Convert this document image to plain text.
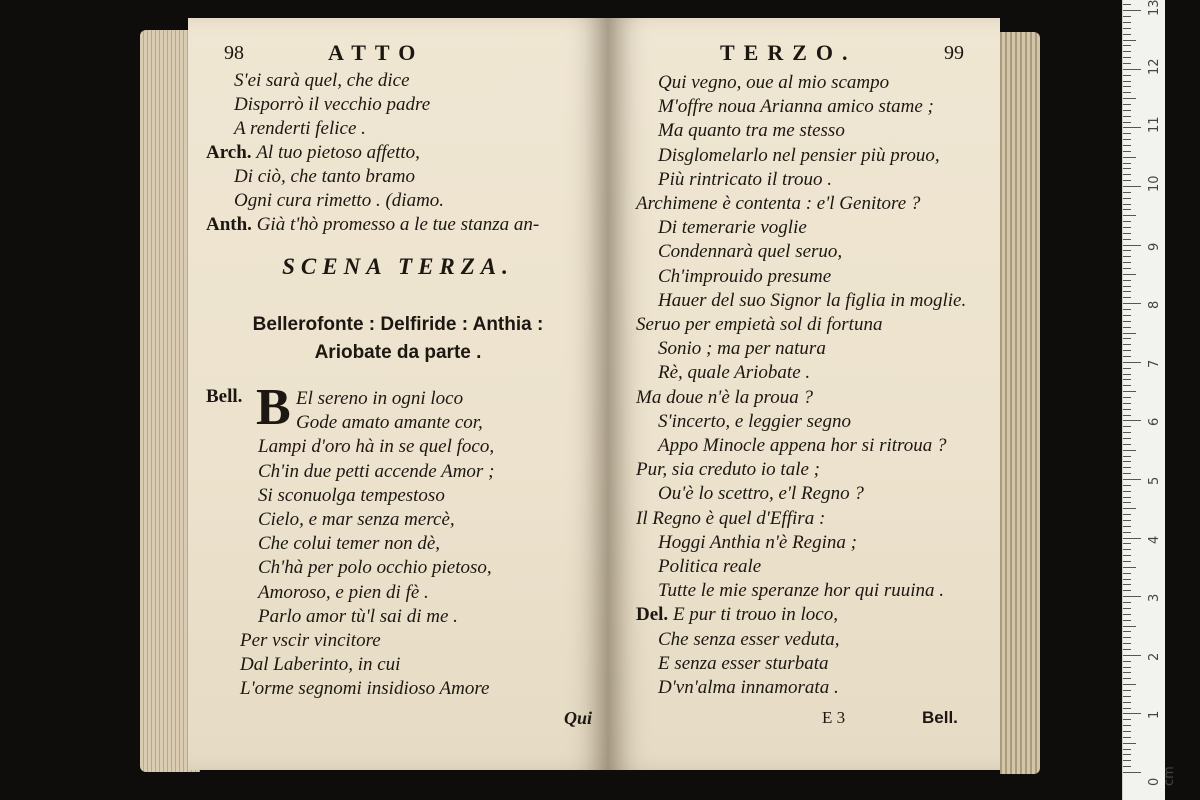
98	ATTO
S'ei sarà quel, che dice
Disporrò il vecchio padre
A renderti felice .
Arch. Al tuo pietoso affetto,
Di ciò, che tanto bramo
Ogni cura rimetto . (diamo.
Anth. Già t'hò promesso a le tue stanza an-
SCENA TERZA.
Bellerofonte : Delfiride : Anthia :
Ariobate da parte .
Bell. B El sereno in ogni loco
Gode amato amante cor,
Lampi d'oro hà in se quel foco,
Ch'in due petti accende Amor ;
Si sconuolga tempestoso
Cielo, e mar senza mercè,
Che colui temer non dè,
Ch'hà per polo occhio pietoso,
Amoroso, e pien di fè .
Parlo amor tù'l sai di me .
Per vscir vincitore
Dal Laberinto, in cui
L'orme segnomi insidioso Amore
Qui
TERZO.	99
Qui vegno, oue al mio scampo
M'offre noua Arianna amico stame ;
Ma quanto tra me stesso
Disglomelarlo nel pensier più prouo,
Più rintricato il trouo .
Archimene è contenta : e'l Genitore ?
Di temerarie voglie
Condennarà quel seruo,
Ch'improuido presume
Hauer del suo Signor la figlia in moglie.
Seruo per empietà sol di fortuna
Sonio ; ma per natura
Rè, quale Ariobate .
Ma doue n'è la proua ?
S'incerto, e leggier segno
Appo Minocle appena hor si ritroua ?
Pur, sia creduto io tale ;
Ou'è lo scettro, e'l Regno ?
Il Regno è quel d'Effira :
Hoggi Anthia n'è Regina ;
Politica reale
Tutte le mie speranze hor qui ruuina .
Del. E pur ti trouo in loco,
Che senza esser veduta,
E senza esser sturbata
D'vn'alma innamorata .
E 3	Bell.
0 cm
1
2
3
4
5
6
7
8
9
10
11
12
13
